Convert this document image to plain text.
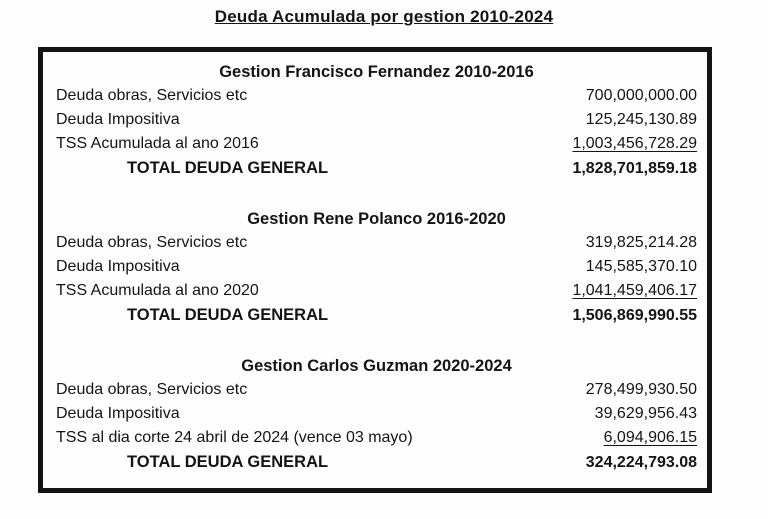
Deuda Acumulada por gestion 2010-2024
Gestion Francisco Fernandez 2010-2016
Deuda obras, Servicios etc	700,000,000.00
Deuda Impositiva	125,245,130.89
TSS Acumulada al ano 2016	1,003,456,728.29
TOTAL DEUDA GENERAL	1,828,701,859.18
Gestion Rene Polanco 2016-2020
Deuda obras, Servicios etc	319,825,214.28
Deuda Impositiva	145,585,370.10
TSS Acumulada al ano 2020	1,041,459,406.17
TOTAL DEUDA GENERAL	1,506,869,990.55
Gestion Carlos Guzman 2020-2024
Deuda obras, Servicios etc	278,499,930.50
Deuda Impositiva	39,629,956.43
TSS al dia corte 24 abril de 2024 (vence 03 mayo)	6,094,906.15
TOTAL DEUDA GENERAL	324,224,793.08
